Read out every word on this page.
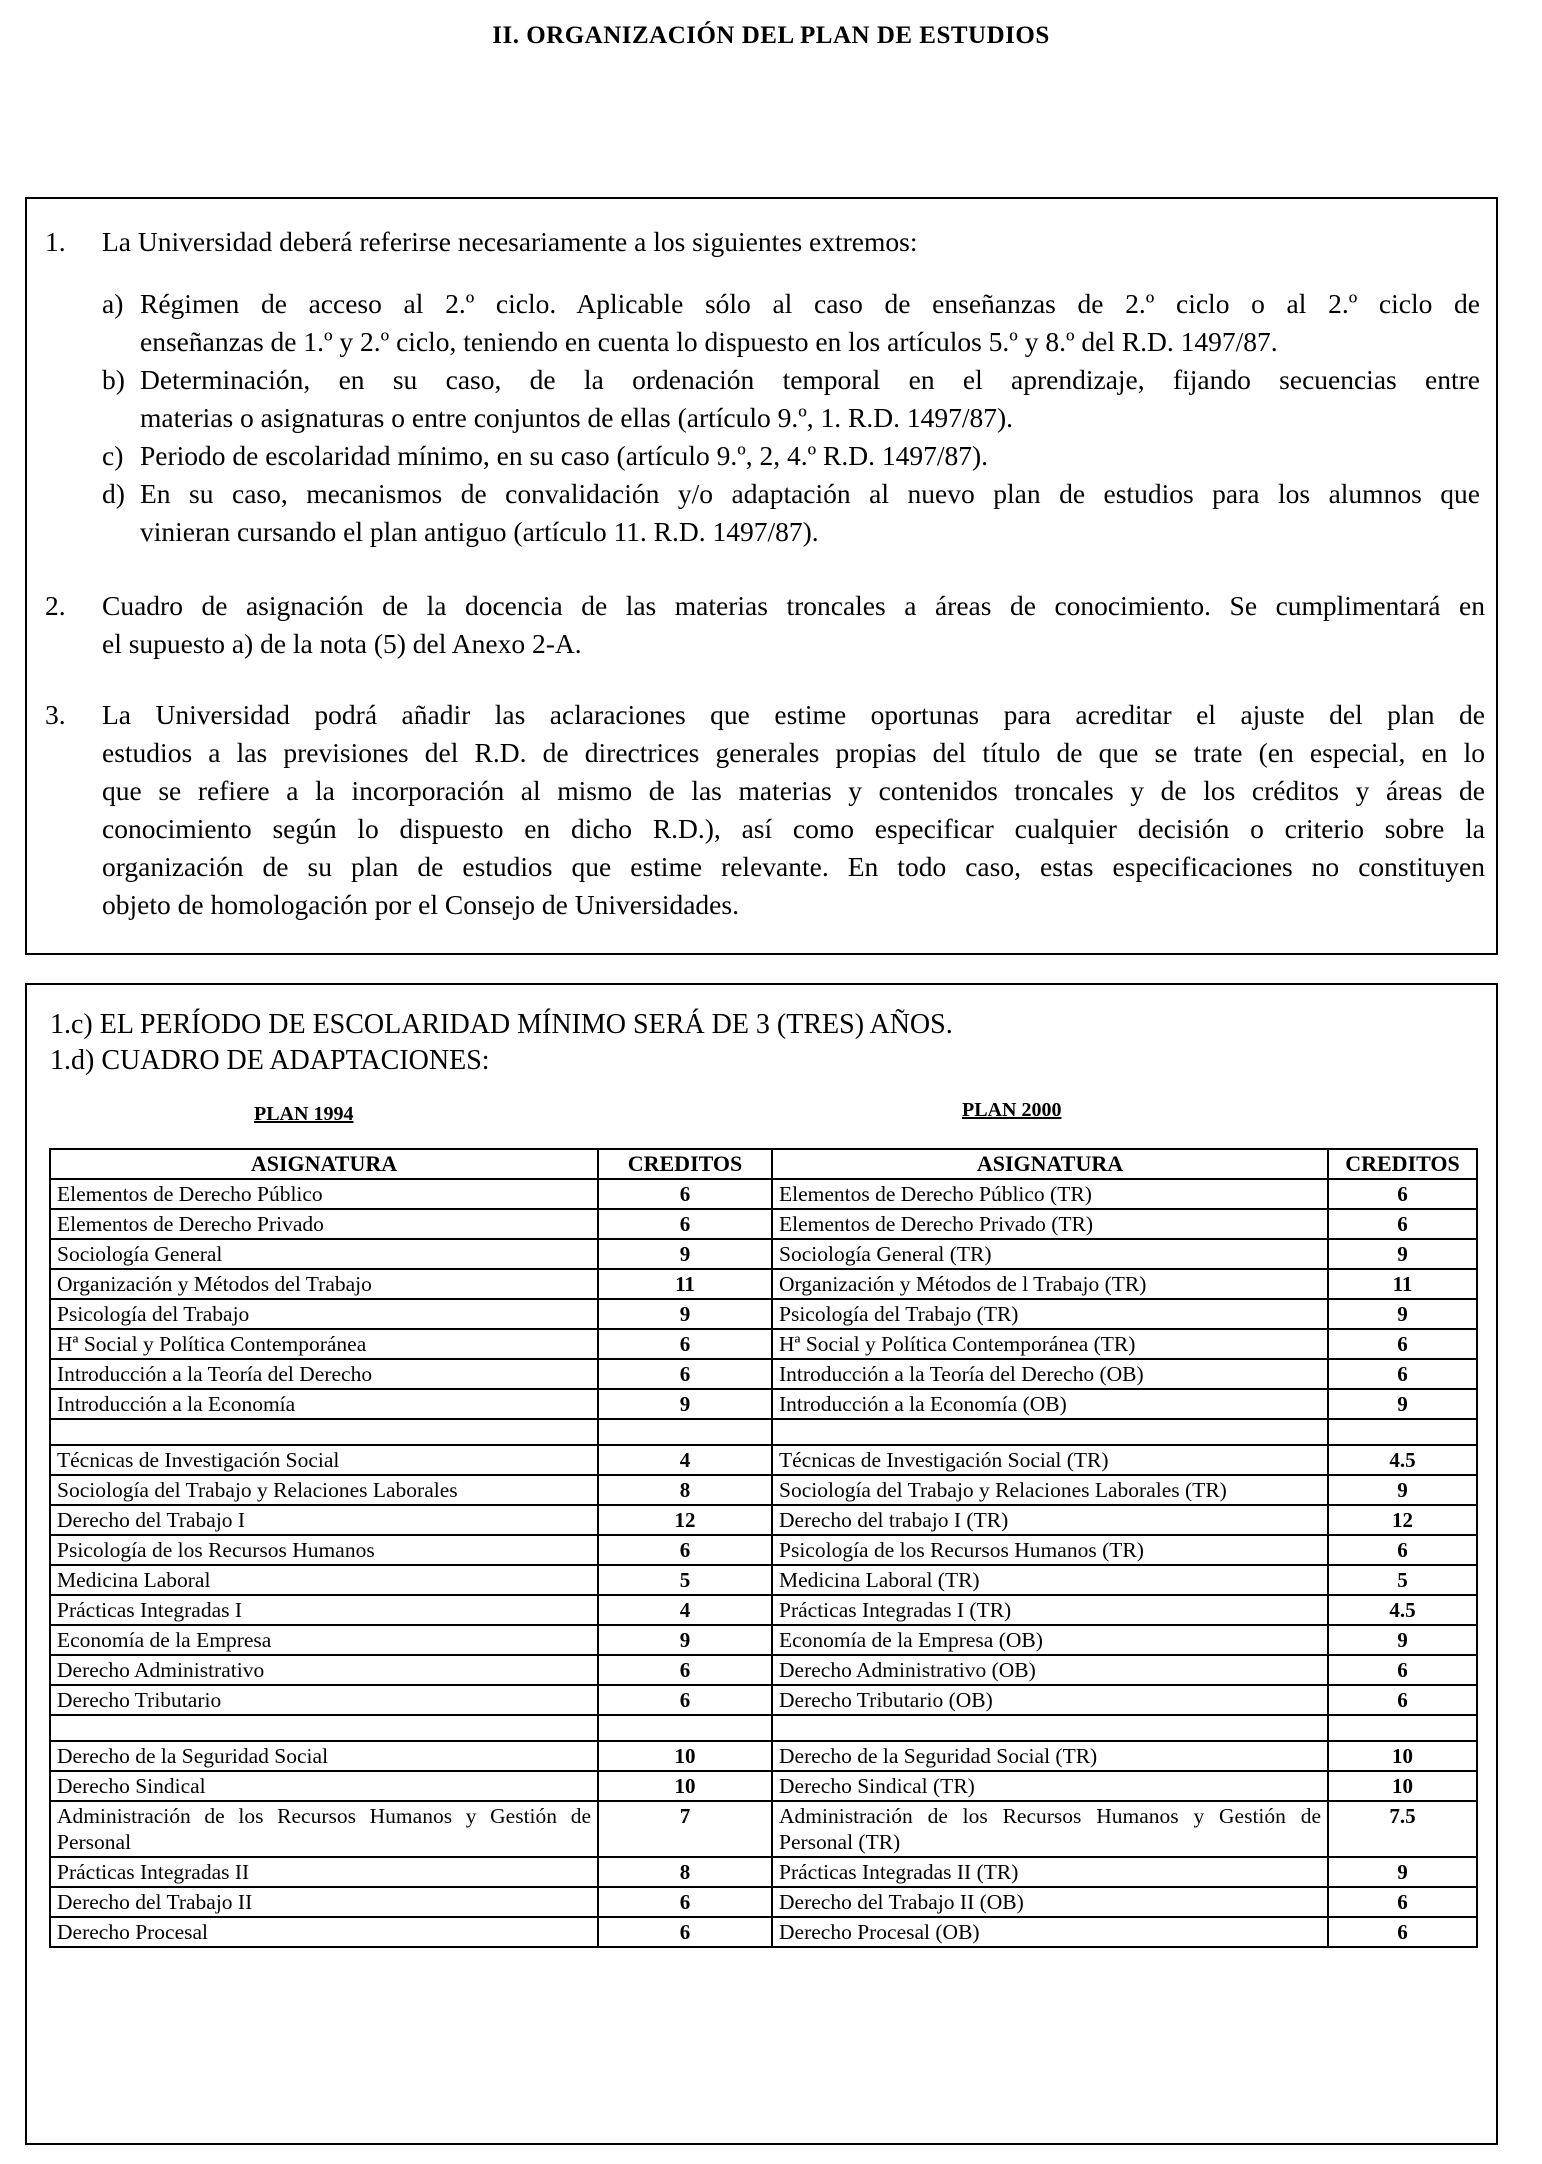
II. ORGANIZACIÓN DEL PLAN DE ESTUDIOS
1. La Universidad deberá referirse necesariamente a los siguientes extremos:
a) Régimen de acceso al 2.º ciclo. Aplicable sólo al caso de enseñanzas de 2.º ciclo o al 2.º ciclo de
enseñanzas de 1.º y 2.º ciclo, teniendo en cuenta lo dispuesto en los artículos 5.º y 8.º del R.D. 1497/87.
b) Determinación, en su caso, de la ordenación temporal en el aprendizaje, fijando secuencias entre
materias o asignaturas o entre conjuntos de ellas (artículo 9.º, 1. R.D. 1497/87).
c) Periodo de escolaridad mínimo, en su caso (artículo 9.º, 2, 4.º R.D. 1497/87).
d) En su caso, mecanismos de convalidación y/o adaptación al nuevo plan de estudios para los alumnos que
vinieran cursando el plan antiguo (artículo 11. R.D. 1497/87).
2. Cuadro de asignación de la docencia de las materias troncales a áreas de conocimiento. Se cumplimentará en
el supuesto a) de la nota (5) del Anexo 2-A.
3. La Universidad podrá añadir las aclaraciones que estime oportunas para acreditar el ajuste del plan de
estudios a las previsiones del R.D. de directrices generales propias del título de que se trate (en especial, en lo
que se refiere a la incorporación al mismo de las materias y contenidos troncales y de los créditos y áreas de
conocimiento según lo dispuesto en dicho R.D.), así como especificar cualquier decisión o criterio sobre la
organización de su plan de estudios que estime relevante. En todo caso, estas especificaciones no constituyen
objeto de homologación por el Consejo de Universidades.
1.c) EL PERÍODO DE ESCOLARIDAD MÍNIMO SERÁ DE 3 (TRES) AÑOS.
1.d) CUADRO DE ADAPTACIONES:
PLAN 1994	PLAN 2000
ASIGNATURA	CREDITOS	ASIGNATURA	CREDITOS
Elementos de Derecho Público	6	Elementos de Derecho Público (TR)	6
Elementos de Derecho Privado	6	Elementos de Derecho Privado (TR)	6
Sociología General	9	Sociología General (TR)	9
Organización y Métodos del Trabajo	11	Organización y Métodos de l Trabajo (TR)	11
Psicología del Trabajo	9	Psicología del Trabajo (TR)	9
Hª Social y Política Contemporánea	6	Hª Social y Política Contemporánea (TR)	6
Introducción a la Teoría del Derecho	6	Introducción a la Teoría del Derecho (OB)	6
Introducción a la Economía	9	Introducción a la Economía (OB)	9

Técnicas de Investigación Social	4	Técnicas de Investigación Social (TR)	4.5
Sociología del Trabajo y Relaciones Laborales	8	Sociología del Trabajo y Relaciones Laborales (TR)	9
Derecho del Trabajo I	12	Derecho del trabajo I (TR)	12
Psicología de los Recursos Humanos	6	Psicología de los Recursos Humanos (TR)	6
Medicina Laboral	5	Medicina Laboral (TR)	5
Prácticas Integradas I	4	Prácticas Integradas I (TR)	4.5
Economía de la Empresa	9	Economía de la Empresa (OB)	9
Derecho Administrativo	6	Derecho Administrativo (OB)	6
Derecho Tributario	6	Derecho Tributario (OB)	6

Derecho de la Seguridad Social	10	Derecho de la Seguridad Social (TR)	10
Derecho Sindical	10	Derecho Sindical (TR)	10
Administración de los Recursos Humanos y Gestión de Personal	7	Administración de los Recursos Humanos y Gestión de Personal (TR)	7.5
Prácticas Integradas II	8	Prácticas Integradas II (TR)	9
Derecho del Trabajo II	6	Derecho del Trabajo II (OB)	6
Derecho Procesal	6	Derecho Procesal (OB)	6
